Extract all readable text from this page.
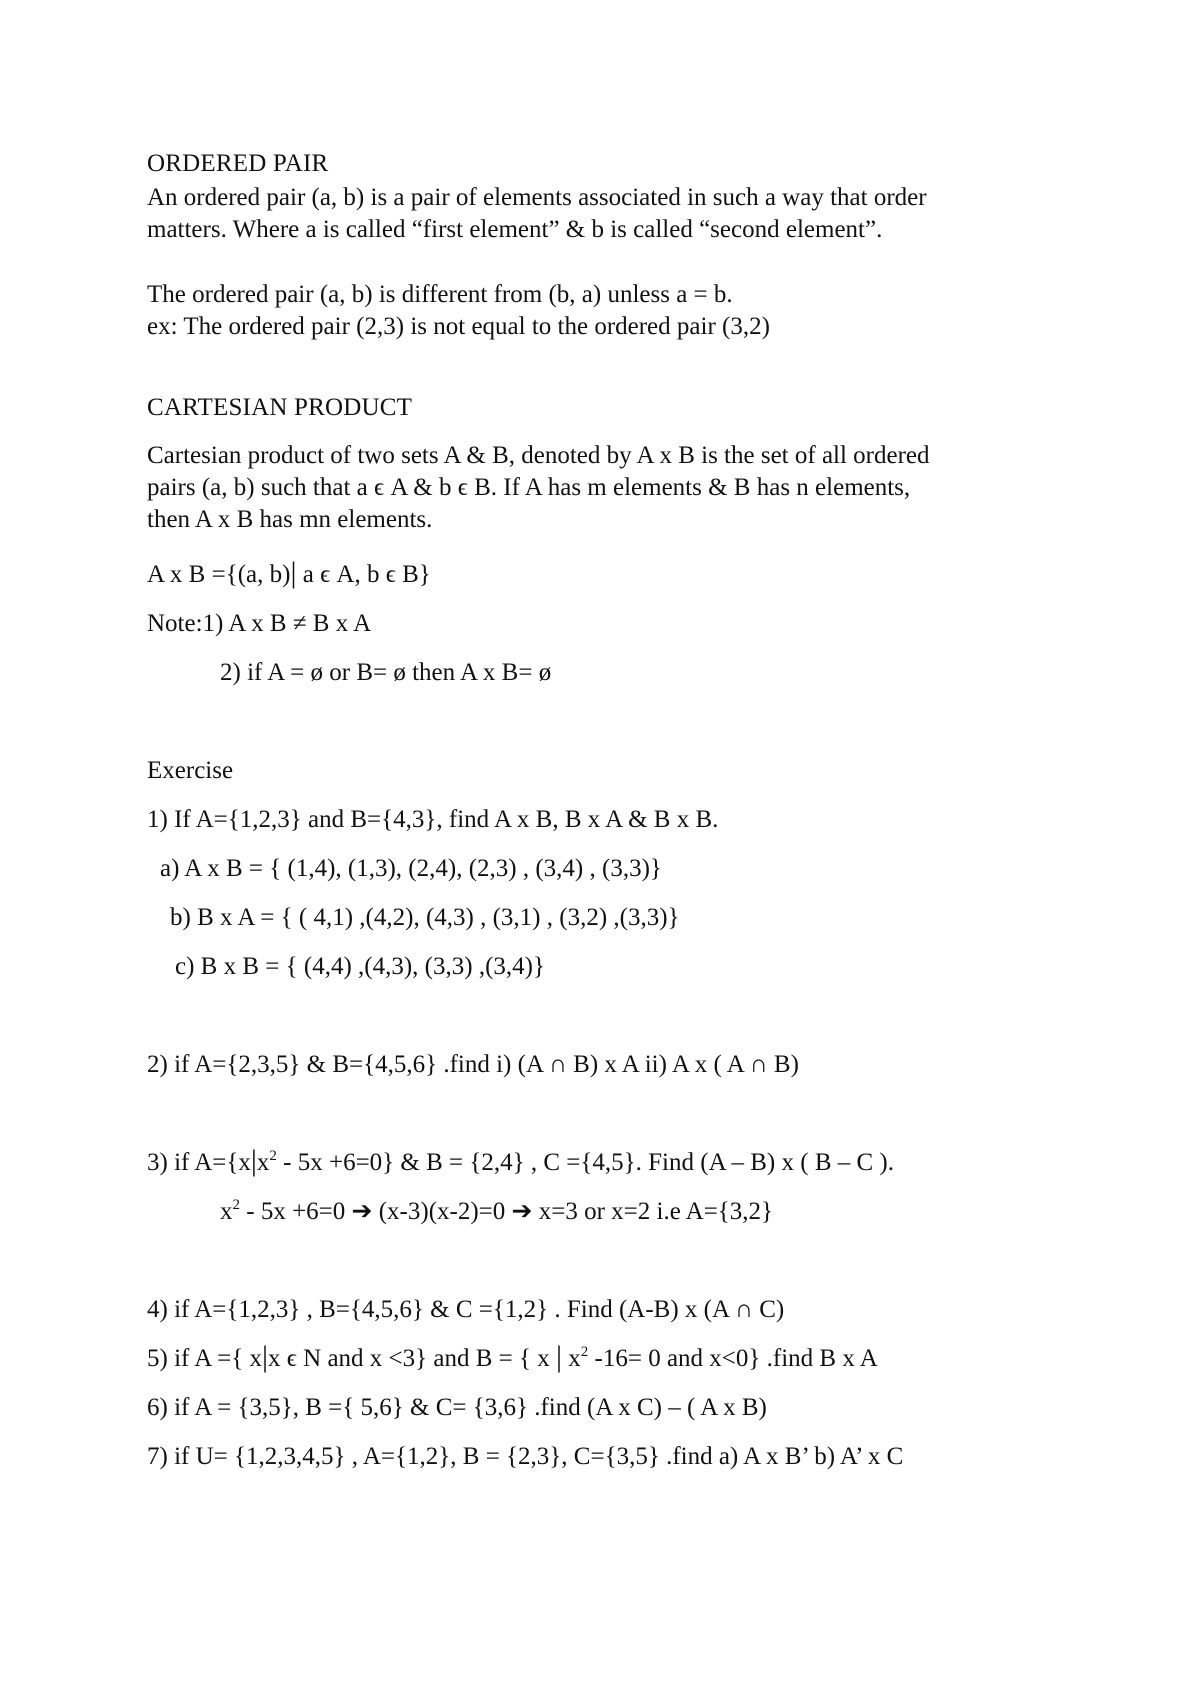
ORDERED PAIR
An ordered pair (a, b) is a pair of elements associated in such a way that order
matters. Where a is called “first element” & b is called “second element”.
The ordered pair (a, b) is different from (b, a) unless a = b.
ex: The ordered pair (2,3) is not equal to the ordered pair (3,2)
CARTESIAN PRODUCT
Cartesian product of two sets A & B, denoted by A x B is the set of all ordered
pairs (a, b) such that a ϵ A & b ϵ B. If A has m elements & B has n elements,
then A x B has mn elements.
A x B ={(a, b)| a ϵ A, b ϵ B}
Note:1) A x B ≠ B x A
2) if A = ø or B= ø then A x B= ø
Exercise
1) If A={1,2,3} and B={4,3}, find A x B, B x A & B x B.
a) A x B = { (1,4), (1,3), (2,4), (2,3) , (3,4) , (3,3)}
b) B x A = { ( 4,1) ,(4,2), (4,3) , (3,1) , (3,2) ,(3,3)}
c) B x B = { (4,4) ,(4,3), (3,3) ,(3,4)}
2) if A={2,3,5} & B={4,5,6} .find i) (A ∩ B) x A ii) A x ( A ∩ B)
3) if $A=\{x|x^2 - 5x +6=0\}$ & B = {2,4} , C ={4,5}. Find (A – B) x ( B – C ).
$x^2 - 5x +6=0$ ➔ (x-3)(x-2)=0 ➔ x=3 or x=2 i.e A={3,2}
4) if A={1,2,3} , B={4,5,6} & C ={1,2} . Find (A-B) x (A ∩ C)
5) if A ={ x|x ϵ N and x <3} and B = { x | $x^2$ -16= 0 and x<0} .find B x A
6) if A = {3,5}, B ={ 5,6} & C= {3,6} .find (A x C) – ( A x B)
7) if U= {1,2,3,4,5} , A={1,2}, B = {2,3}, C={3,5} .find a) A x B’ b) A’ x C
